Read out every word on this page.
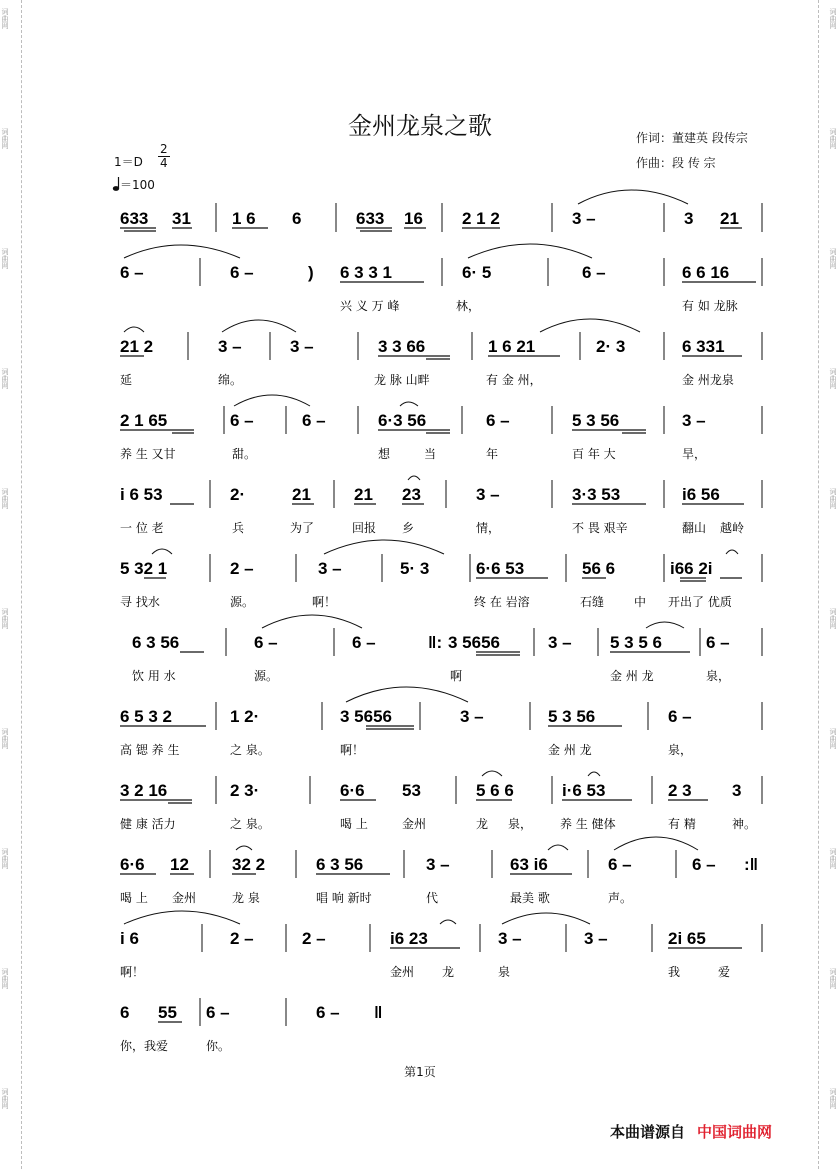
词曲网
词曲网
词曲网
词曲网
词曲网
词曲网
词曲网
词曲网
词曲网
词曲网
词曲网
词曲网
词曲网
词曲网
词曲网
词曲网
词曲网
词曲网
词曲网
词曲网
金州龙泉之歌	作词：董建英 段传宗
作曲：段 传 宗
1＝D
2
4
＝100
633 31 1 6 6	633 16 2 1 2	3 –	3 21
6 –	6 –	) 6 3 3 1	6· 5	6 –	6 6 16
兴 义 万 峰	林，	有 如 龙脉
21 2	3 –	3 –	3 3 66	1 6 21	2· 3	6 331
延	绵。	龙 脉 山畔	有 金 州，	金 州龙泉
2 1 65	6 –	6 –	6·3 56	6 –	5 3 56	3 –
养 生 又甘	甜。	想	当	年	百 年 大	旱，
i 6 53	2·	21	21 23	3 –	3·3 53	i6 56
一 位 老	兵	为了	回报 乡	情，	不 畏 艰辛	翻山 越岭
5 32 1	2 –	3 –	5· 3	6·6 53	56 6	i66 2i
寻 找水	源。	啊！	终 在 岩溶	石缝 中 开出了 优质
6 3 56	6 –	6 –	‖: 3 5656	3 – 5 3 5 6	6 –
饮 用 水	源。	啊	金 州 龙	泉，
6 5 3 2	1 2·	3 5656	3 –	5 3 56	6 –
高 锶 养 生	之 泉。	啊！	金 州 龙	泉，
3 2 16	2 3·	6·6 53	5 6 6	i·6 53	2 3 3
健 康 活力	之 泉。	喝 上	金州	龙 泉， 养 生 健体	有 精	神。
6·6 12	32 2	6 3 56	3 –	63 i6	6 –	6 – :‖
喝 上 金州	龙 泉	唱 响 新时	代	最美 歌	声。
i 6	2 –	2 –	i6 23	3 –	3 –	2i 65
啊！	金州 龙	泉	我	爱
6 55 6 –	6 – ‖
你，我爱	你。
第1页
本曲谱源自 中国词曲网
